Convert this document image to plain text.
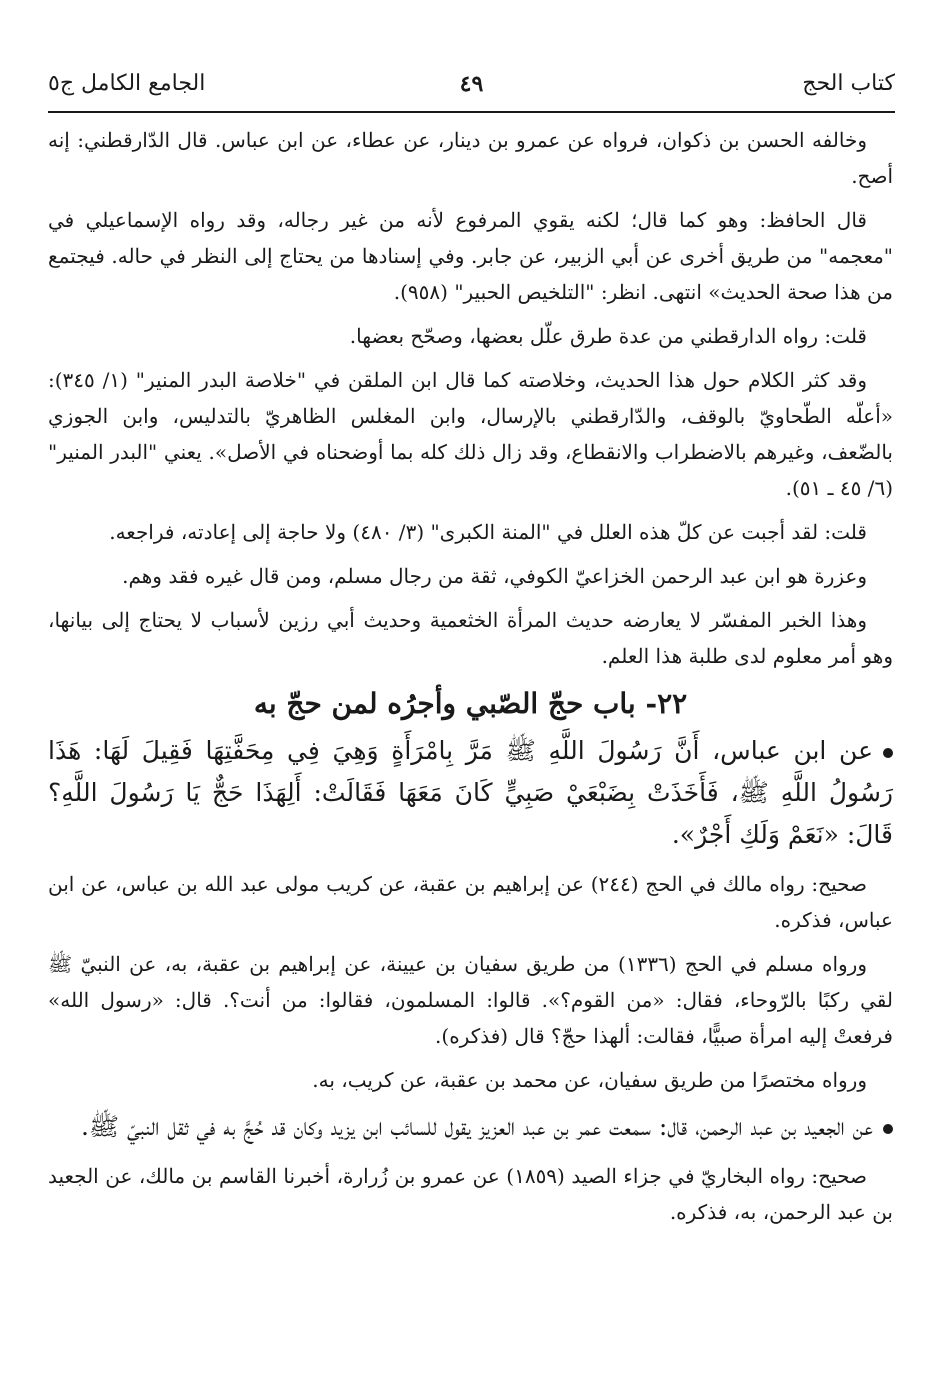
كتاب الحج
٤٩
الجامع الكامل ج٥

وخالفه الحسن بن ذكوان، فرواه عن عمرو بن دينار، عن عطاء، عن ابن عباس. قال الدّارقطني: إنه أصح.

قال الحافظ: وهو كما قال؛ لكنه يقوي المرفوع لأنه من غير رجاله، وقد رواه الإسماعيلي في "معجمه" من طريق أخرى عن أبي الزبير، عن جابر. وفي إسنادها من يحتاج إلى النظر في حاله. فيجتمع من هذا صحة الحديث» انتهى. انظر: "التلخيص الحبير" (٩٥٨).

قلت: رواه الدارقطني من عدة طرق علّل بعضها، وصحّح بعضها.

وقد كثر الكلام حول هذا الحديث، وخلاصته كما قال ابن الملقن في "خلاصة البدر المنير" (١/ ٣٤٥): «أعلّه الطّحاويّ بالوقف، والدّارقطني بالإرسال، وابن المغلس الظاهريّ بالتدليس، وابن الجوزي بالضّعف، وغيرهم بالاضطراب والانقطاع، وقد زال ذلك كله بما أوضحناه في الأصل». يعني "البدر المنير" (٦/ ٤٥ ـ ٥١).

قلت: لقد أجبت عن كلّ هذه العلل في "المنة الكبرى" (٣/ ٤٨٠) ولا حاجة إلى إعادته، فراجعه.

وعزرة هو ابن عبد الرحمن الخزاعيّ الكوفي، ثقة من رجال مسلم، ومن قال غيره فقد وهم.

وهذا الخبر المفسّر لا يعارضه حديث المرأة الخثعمية وحديث أبي رزين لأسباب لا يحتاج إلى بيانها، وهو أمر معلوم لدى طلبة هذا العلم.

٢٢- باب حجّ الصّبي وأجرُه لمن حجّ به

عن ابن عباس، أَنَّ رَسُولَ اللَّهِ ﷺ مَرَّ بِامْرَأَةٍ وَهِيَ فِي مِحَفَّتِهَا فَقِيلَ لَهَا: هَذَا رَسُولُ اللَّهِ ﷺ، فَأَخَذَتْ بِضَبْعَيْ صَبِيٍّ كَانَ مَعَهَا فَقَالَتْ: أَلِهَذَا حَجٌّ يَا رَسُولَ اللَّهِ؟ قَالَ: «نَعَمْ وَلَكِ أَجْرٌ».

صحيح: رواه مالك في الحج (٢٤٤) عن إبراهيم بن عقبة، عن كريب مولى عبد الله بن عباس، عن ابن عباس، فذكره.

ورواه مسلم في الحج (١٣٣٦) من طريق سفيان بن عيينة، عن إبراهيم بن عقبة، به، عن النبيّ ﷺ لقي ركبًا بالرّوحاء، فقال: «من القوم؟». قالوا: المسلمون، فقالوا: من أنت؟. قال: «رسول الله» فرفعتْ إليه امرأة صبيًّا، فقالت: ألهذا حجّ؟ قال (فذكره).

ورواه مختصرًا من طريق سفيان، عن محمد بن عقبة، عن كريب، به.

عن الجعيد بن عبد الرحمن، قال: سمعت عمر بن عبد العزيز يقول للسائب ابن يزيد وكان قد حُجَّ به في ثقل النبيّ ﷺ.

صحيح: رواه البخاريّ في جزاء الصيد (١٨٥٩) عن عمرو بن زُرارة، أخبرنا القاسم بن مالك، عن الجعيد بن عبد الرحمن، به، فذكره.
